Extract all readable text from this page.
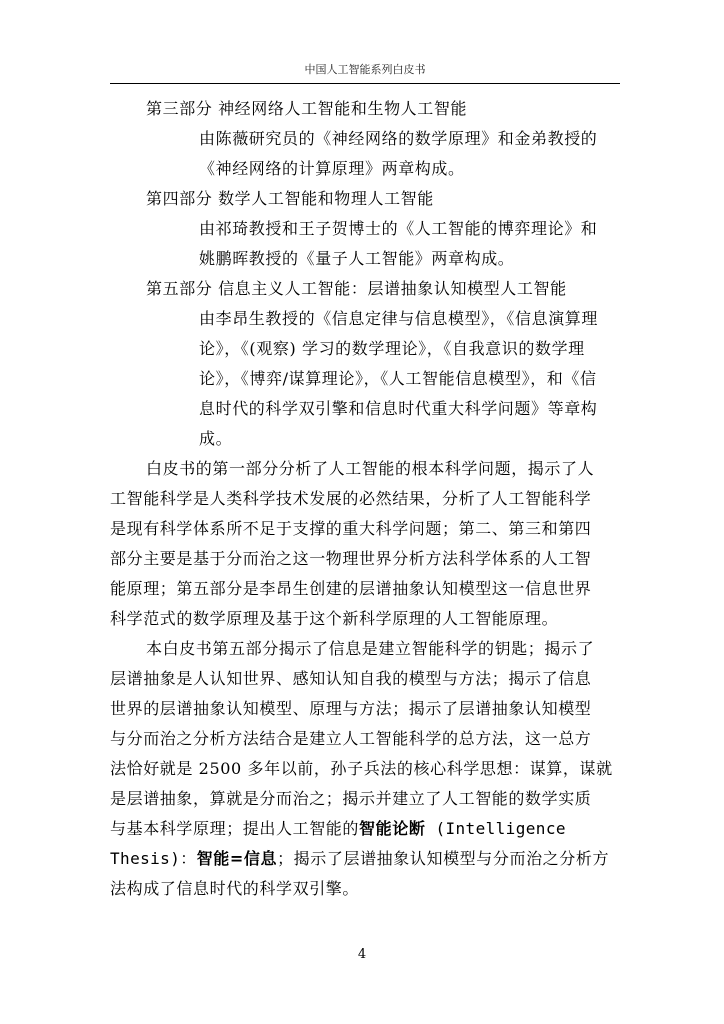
中国人工智能系列白皮书
第三部分 神经网络人工智能和生物人工智能
由陈薇研究员的《神经网络的数学原理》和金弟教授的
《神经网络的计算原理》两章构成。
第四部分 数学人工智能和物理人工智能
由祁琦教授和王子贺博士的《人工智能的博弈理论》和
姚鹏晖教授的《量子人工智能》两章构成。
第五部分 信息主义人工智能：层谱抽象认知模型人工智能
由李昂生教授的《信息定律与信息模型》，《信息演算理
论》，《(观察) 学习的数学理论》，《自我意识的数学理
论》，《博弈/谋算理论》，《人工智能信息模型》，和《信
息时代的科学双引擎和信息时代重大科学问题》等章构
成。
白皮书的第一部分分析了人工智能的根本科学问题，揭示了人
工智能科学是人类科学技术发展的必然结果，分析了人工智能科学
是现有科学体系所不足于支撑的重大科学问题；第二、第三和第四
部分主要是基于分而治之这一物理世界分析方法科学体系的人工智
能原理；第五部分是李昂生创建的层谱抽象认知模型这一信息世界
科学范式的数学原理及基于这个新科学原理的人工智能原理。
本白皮书第五部分揭示了信息是建立智能科学的钥匙；揭示了
层谱抽象是人认知世界、感知认知自我的模型与方法；揭示了信息
世界的层谱抽象认知模型、原理与方法；揭示了层谱抽象认知模型
与分而治之分析方法结合是建立人工智能科学的总方法，这一总方
法恰好就是 2500 多年以前，孙子兵法的核心科学思想：谋算，谋就
是层谱抽象，算就是分而治之；揭示并建立了人工智能的数学实质
与基本科学原理；提出人工智能的智能论断 (Intelligence
Thesis)：智能=信息；揭示了层谱抽象认知模型与分而治之分析方
法构成了信息时代的科学双引擎。
4
